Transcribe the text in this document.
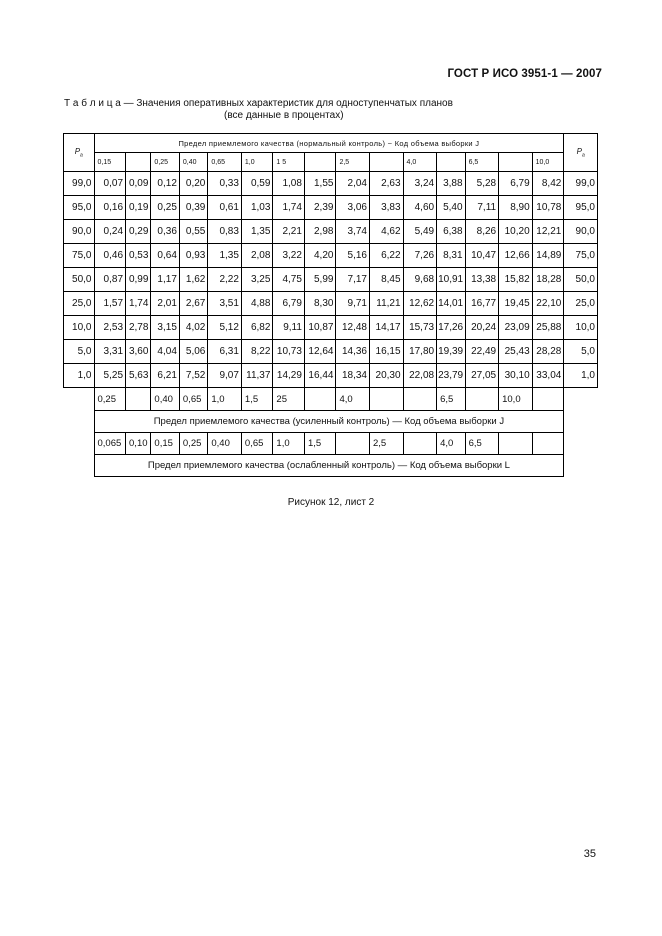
ГОСТ Р ИСО 3951-1 — 2007
Т а б л и ц а — Значения оперативных характеристик для одноступенчатых планов
(все данные в процентах)
$P_a$	Предел приемлемого качества (нормальный контроль) ~ Код объема выборки J															$P_a$
	0,15		0,25	0,40	0,65	1,0	1 5		2,5		4,0		6,5		10,0	
99,0	0,07	0,09	0,12	0,20	0,33	0,59	1,08	1,55	2,04	2,63	3,24	3,88	5,28	6,79	8,42	99,0
95,0	0,16	0,19	0,25	0,39	0,61	1,03	1,74	2,39	3,06	3,83	4,60	5,40	7,11	8,90	10,78	95,0
90,0	0,24	0,29	0,36	0,55	0,83	1,35	2,21	2,98	3,74	4,62	5,49	6,38	8,26	10,20	12,21	90,0
75,0	0,46	0,53	0,64	0,93	1,35	2,08	3,22	4,20	5,16	6,22	7,26	8,31	10,47	12,66	14,89	75,0
50,0	0,87	0,99	1,17	1,62	2,22	3,25	4,75	5,99	7,17	8,45	9,68	10,91	13,38	15,82	18,28	50,0
25,0	1,57	1,74	2,01	2,67	3,51	4,88	6,79	8,30	9,71	11,21	12,62	14,01	16,77	19,45	22,10	25,0
10,0	2,53	2,78	3,15	4,02	5,12	6,82	9,11	10,87	12,48	14,17	15,73	17,26	20,24	23,09	25,88	10,0
5,0	3,31	3,60	4,04	5,06	6,31	8,22	10,73	12,64	14,36	16,15	17,80	19,39	22,49	25,43	28,28	5,0
1,0	5,25	5,63	6,21	7,52	9,07	11,37	14,29	16,44	18,34	20,30	22,08	23,79	27,05	30,10	33,04	1,0
	0,25		0,40	0,65	1,0	1,5	25		4,0			6,5		10,0		
	Предел приемлемого качества (усиленный контроль) — Код объема выборки J															
	0,065	0,10	0,15	0,25	0,40	0,65	1,0	1,5		2,5		4,0	6,5			
	Предел приемлемого качества (ослабленный контроль) — Код объема выборки L															
Рисунок 12, лист 2
35
